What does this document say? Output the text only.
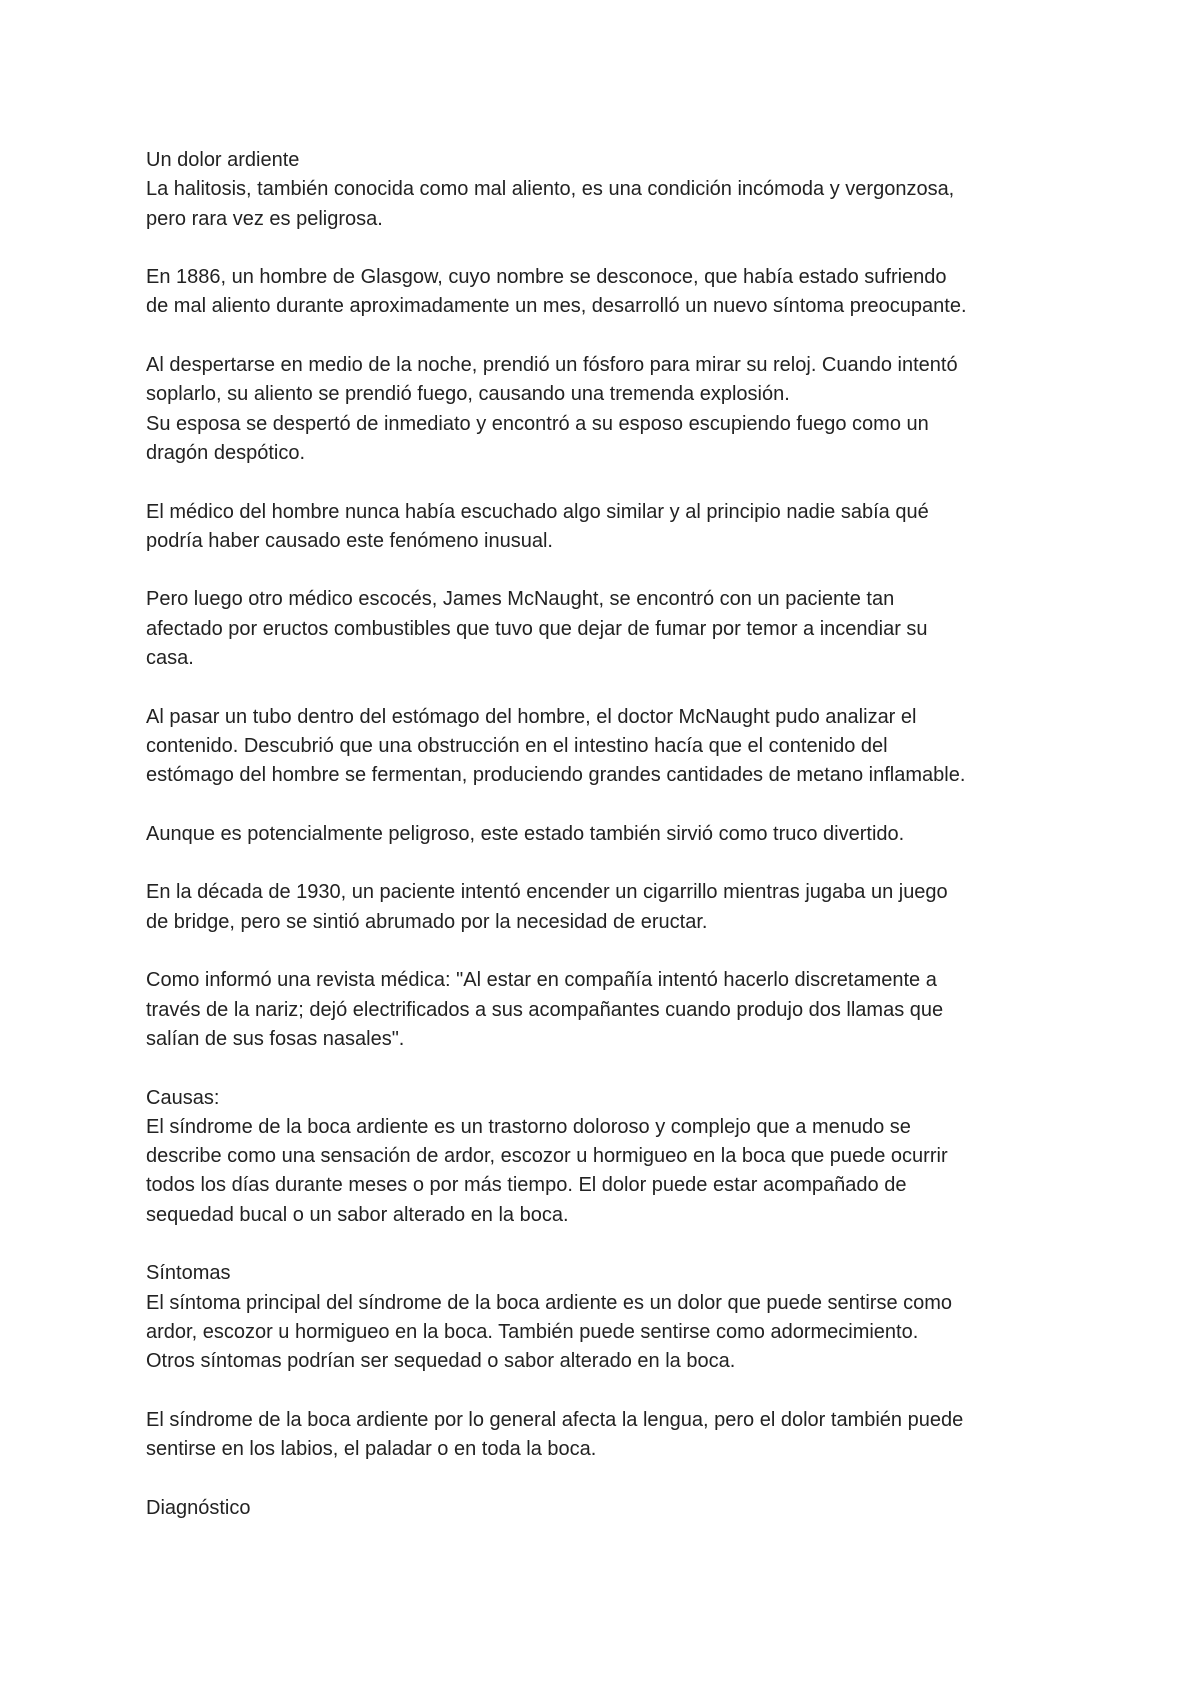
Un dolor ardiente
La halitosis, también conocida como mal aliento, es una condición incómoda y vergonzosa,
pero rara vez es peligrosa.
En 1886, un hombre de Glasgow, cuyo nombre se desconoce, que había estado sufriendo
de mal aliento durante aproximadamente un mes, desarrolló un nuevo síntoma preocupante.
Al despertarse en medio de la noche, prendió un fósforo para mirar su reloj. Cuando intentó
soplarlo, su aliento se prendió fuego, causando una tremenda explosión.
Su esposa se despertó de inmediato y encontró a su esposo escupiendo fuego como un
dragón despótico.
El médico del hombre nunca había escuchado algo similar y al principio nadie sabía qué
podría haber causado este fenómeno inusual.
Pero luego otro médico escocés, James McNaught, se encontró con un paciente tan
afectado por eructos combustibles que tuvo que dejar de fumar por temor a incendiar su
casa.
Al pasar un tubo dentro del estómago del hombre, el doctor McNaught pudo analizar el
contenido. Descubrió que una obstrucción en el intestino hacía que el contenido del
estómago del hombre se fermentan, produciendo grandes cantidades de metano inflamable.
Aunque es potencialmente peligroso, este estado también sirvió como truco divertido.
En la década de 1930, un paciente intentó encender un cigarrillo mientras jugaba un juego
de bridge, pero se sintió abrumado por la necesidad de eructar.
Como informó una revista médica: "Al estar en compañía intentó hacerlo discretamente a
través de la nariz; dejó electrificados a sus acompañantes cuando produjo dos llamas que
salían de sus fosas nasales".
Causas:
El síndrome de la boca ardiente es un trastorno doloroso y complejo que a menudo se
describe como una sensación de ardor, escozor u hormigueo en la boca que puede ocurrir
todos los días durante meses o por más tiempo. El dolor puede estar acompañado de
sequedad bucal o un sabor alterado en la boca.
Síntomas
El síntoma principal del síndrome de la boca ardiente es un dolor que puede sentirse como
ardor, escozor u hormigueo en la boca. También puede sentirse como adormecimiento.
Otros síntomas podrían ser sequedad o sabor alterado en la boca.
El síndrome de la boca ardiente por lo general afecta la lengua, pero el dolor también puede
sentirse en los labios, el paladar o en toda la boca.
Diagnóstico
